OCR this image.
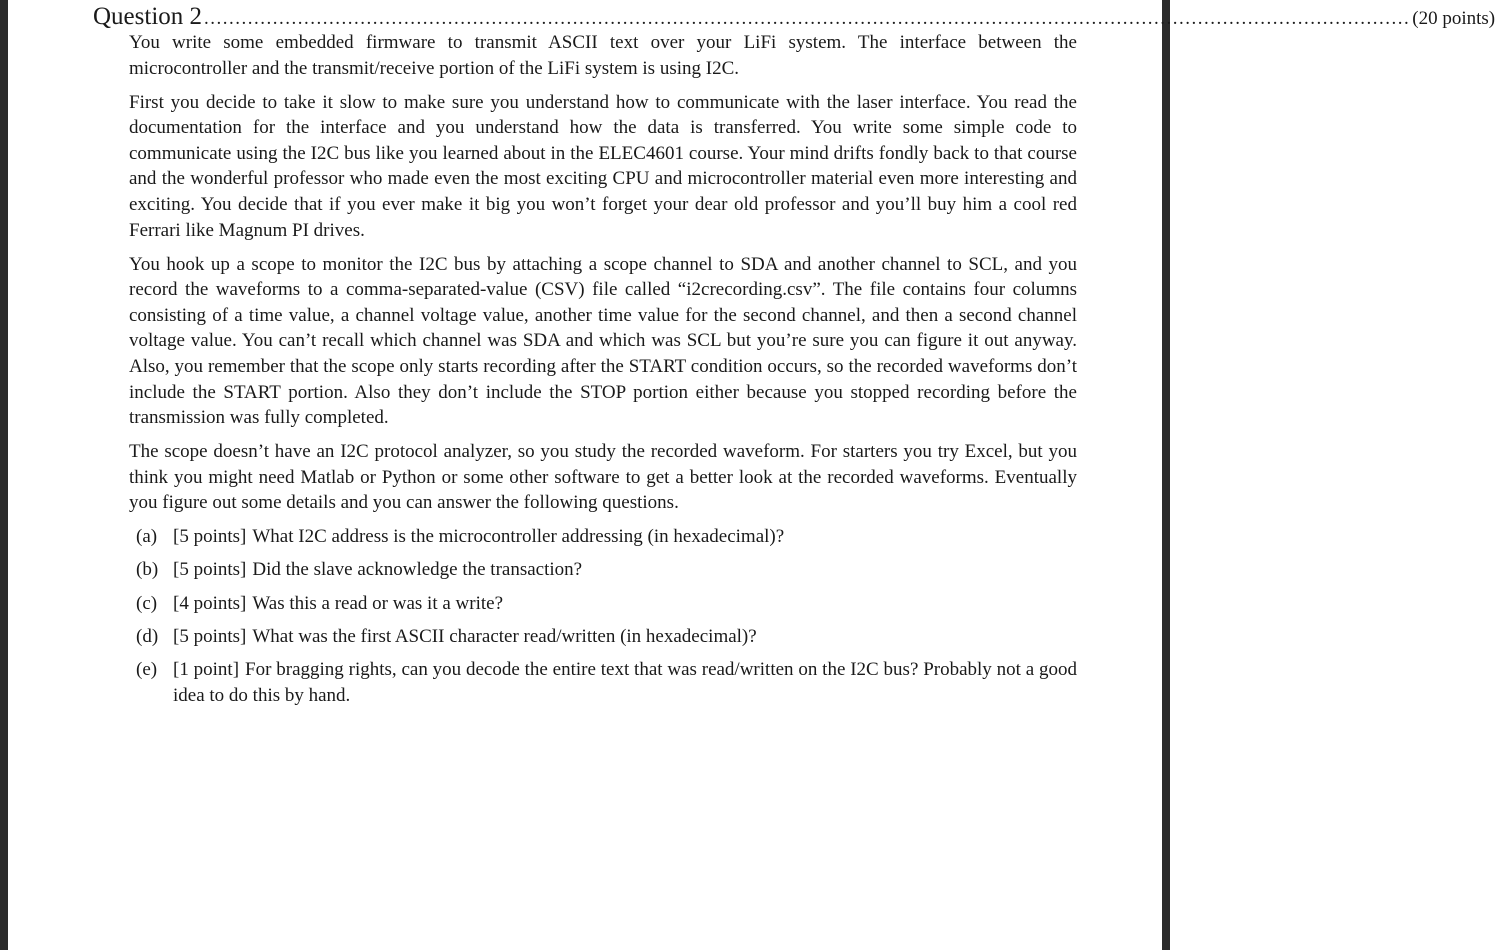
Question 2 ................................................................................................................................................................................................. (20 points)

You write some embedded firmware to transmit ASCII text over your LiFi system. The interface between the microcontroller and the transmit/receive portion of the LiFi system is using I2C.

First you decide to take it slow to make sure you understand how to communicate with the laser interface. You read the documentation for the interface and you understand how the data is transferred. You write some simple code to communicate using the I2C bus like you learned about in the ELEC4601 course. Your mind drifts fondly back to that course and the wonderful professor who made even the most exciting CPU and microcontroller material even more interesting and exciting. You decide that if you ever make it big you won’t forget your dear old professor and you’ll buy him a cool red Ferrari like Magnum PI drives.

You hook up a scope to monitor the I2C bus by attaching a scope channel to SDA and another channel to SCL, and you record the waveforms to a comma-separated-value (CSV) file called “i2crecording.csv”. The file contains four columns consisting of a time value, a channel voltage value, another time value for the second channel, and then a second channel voltage value. You can’t recall which channel was SDA and which was SCL but you’re sure you can figure it out anyway. Also, you remember that the scope only starts recording after the START condition occurs, so the recorded waveforms don’t include the START portion. Also they don’t include the STOP portion either because you stopped recording before the transmission was fully completed.

The scope doesn’t have an I2C protocol analyzer, so you study the recorded waveform. For starters you try Excel, but you think you might need Matlab or Python or some other software to get a better look at the recorded waveforms. Eventually you figure out some details and you can answer the following questions.

(a) [5 points] What I2C address is the microcontroller addressing (in hexadecimal)?
(b) [5 points] Did the slave acknowledge the transaction?
(c) [4 points] Was this a read or was it a write?
(d) [5 points] What was the first ASCII character read/written (in hexadecimal)?
(e) [1 point] For bragging rights, can you decode the entire text that was read/written on the I2C bus? Probably not a good idea to do this by hand.
